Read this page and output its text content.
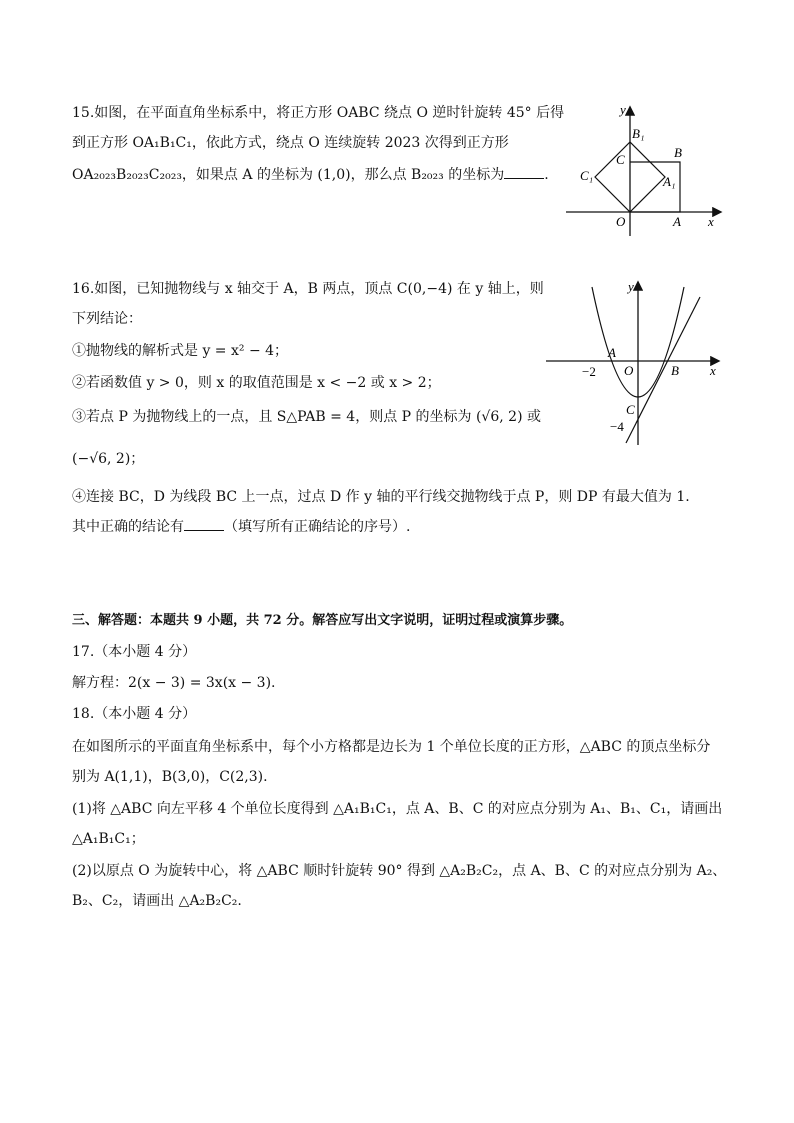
15.如图，在平面直角坐标系中，将正方形 OABC 绕点 O 逆时针旋转 45° 后得
到正方形 OA₁B₁C₁，依此方式，绕点 O 连续旋转 2023 次得到正方形
OA₂₀₂₃B₂₀₂₃C₂₀₂₃，如果点 A 的坐标为 (1,0)，那么点 B₂₀₂₃ 的坐标为	.
y
x
B₁
B
C
C₁	A₁
O	A
16.如图，已知抛物线与 x 轴交于 A，B 两点，顶点 C(0,−4) 在 y 轴上，则
下列结论：
①抛物线的解析式是 y = x² − 4；
②若函数值 y > 0，则 x 的取值范围是 x < −2 或 x > 2；
③若点 P 为抛物线上的一点，且 S△PAB = 4，则点 P 的坐标为 (√6, 2) 或
(−√6, 2)；
④连接 BC，D 为线段 BC 上一点，过点 D 作 y 轴的平行线交抛物线于点 P，则 DP 有最大值为 1.
其中正确的结论有	（填写所有正确结论的序号）.
y
x
A
O	B
−2
C
−4
三、解答题：本题共 9 小题，共 72 分。解答应写出文字说明，证明过程或演算步骤。
17.（本小题 4 分）
解方程：2(x − 3) = 3x(x − 3).
18.（本小题 4 分）
在如图所示的平面直角坐标系中，每个小方格都是边长为 1 个单位长度的正方形，△ABC 的顶点坐标分
别为 A(1,1)，B(3,0)，C(2,3).
(1)将 △ABC 向左平移 4 个单位长度得到 △A₁B₁C₁，点 A、B、C 的对应点分别为 A₁、B₁、C₁，请画出
△A₁B₁C₁；
(2)以原点 O 为旋转中心，将 △ABC 顺时针旋转 90° 得到 △A₂B₂C₂，点 A、B、C 的对应点分别为 A₂、
B₂、C₂，请画出 △A₂B₂C₂.
